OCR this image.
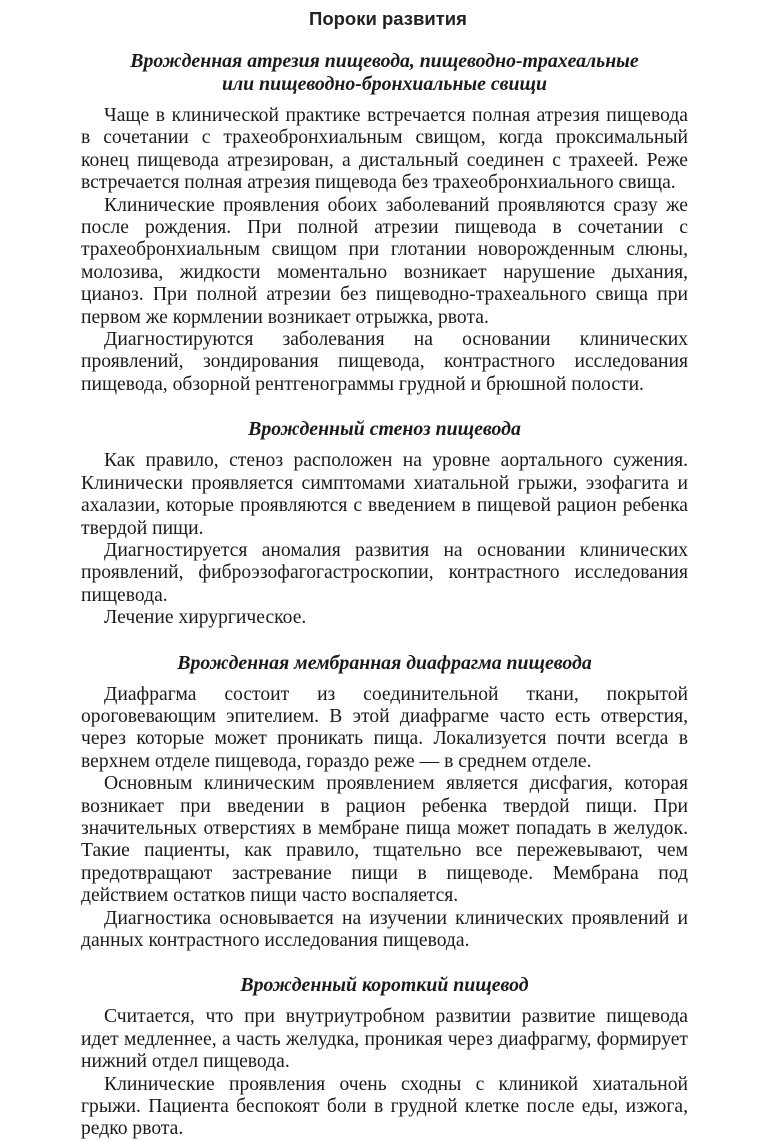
Пороки развития
Врожденная атрезия пищевода, пищеводно-трахеальные
или пищеводно-бронхиальные свищи

Чаще в клинической практике встречается полная атрезия пищевода в сочетании с трахеобронхиальным свищом, когда проксимальный конец пищевода атрезирован, а дистальный соединен с трахеей. Реже встречается полная атрезия пищевода без трахеобронхиального свища.

Клинические проявления обоих заболеваний проявляются сразу же после рождения. При полной атрезии пищевода в сочетании с трахеобронхиальным свищом при глотании новорожденным слюны, молозива, жидкости моментально возникает нарушение дыхания, цианоз. При полной атрезии без пищеводно-трахеального свища при первом же кормлении возникает отрыжка, рвота.

Диагностируются заболевания на основании клинических проявлений, зондирования пищевода, контрастного исследования пищевода, обзорной рентгенограммы грудной и брюшной полости.

Врожденный стеноз пищевода

Как правило, стеноз расположен на уровне аортального сужения. Клинически проявляется симптомами хиатальной грыжи, эзофагита и ахалазии, которые проявляются с введением в пищевой рацион ребенка твердой пищи.

Диагностируется аномалия развития на основании клинических проявлений, фиброэзофагогастроскопии, контрастного исследования пищевода.

Лечение хирургическое.

Врожденная мембранная диафрагма пищевода

Диафрагма состоит из соединительной ткани, покрытой ороговевающим эпителием. В этой диафрагме часто есть отверстия, через которые может проникать пища. Локализуется почти всегда в верхнем отделе пищевода, гораздо реже — в среднем отделе.

Основным клиническим проявлением является дисфагия, которая возникает при введении в рацион ребенка твердой пищи. При значительных отверстиях в мембране пища может попадать в желудок. Такие пациенты, как правило, тщательно все пережевывают, чем предотвращают застревание пищи в пищеводе. Мембрана под действием остатков пищи часто воспаляется.

Диагностика основывается на изучении клинических проявлений и данных контрастного исследования пищевода.

Врожденный короткий пищевод

Считается, что при внутриутробном развитии развитие пищевода идет медленнее, а часть желудка, проникая через диафрагму, формирует нижний отдел пищевода.

Клинические проявления очень сходны с клиникой хиатальной грыжи. Пациента беспокоят боли в грудной клетке после еды, изжога, редко рвота.
